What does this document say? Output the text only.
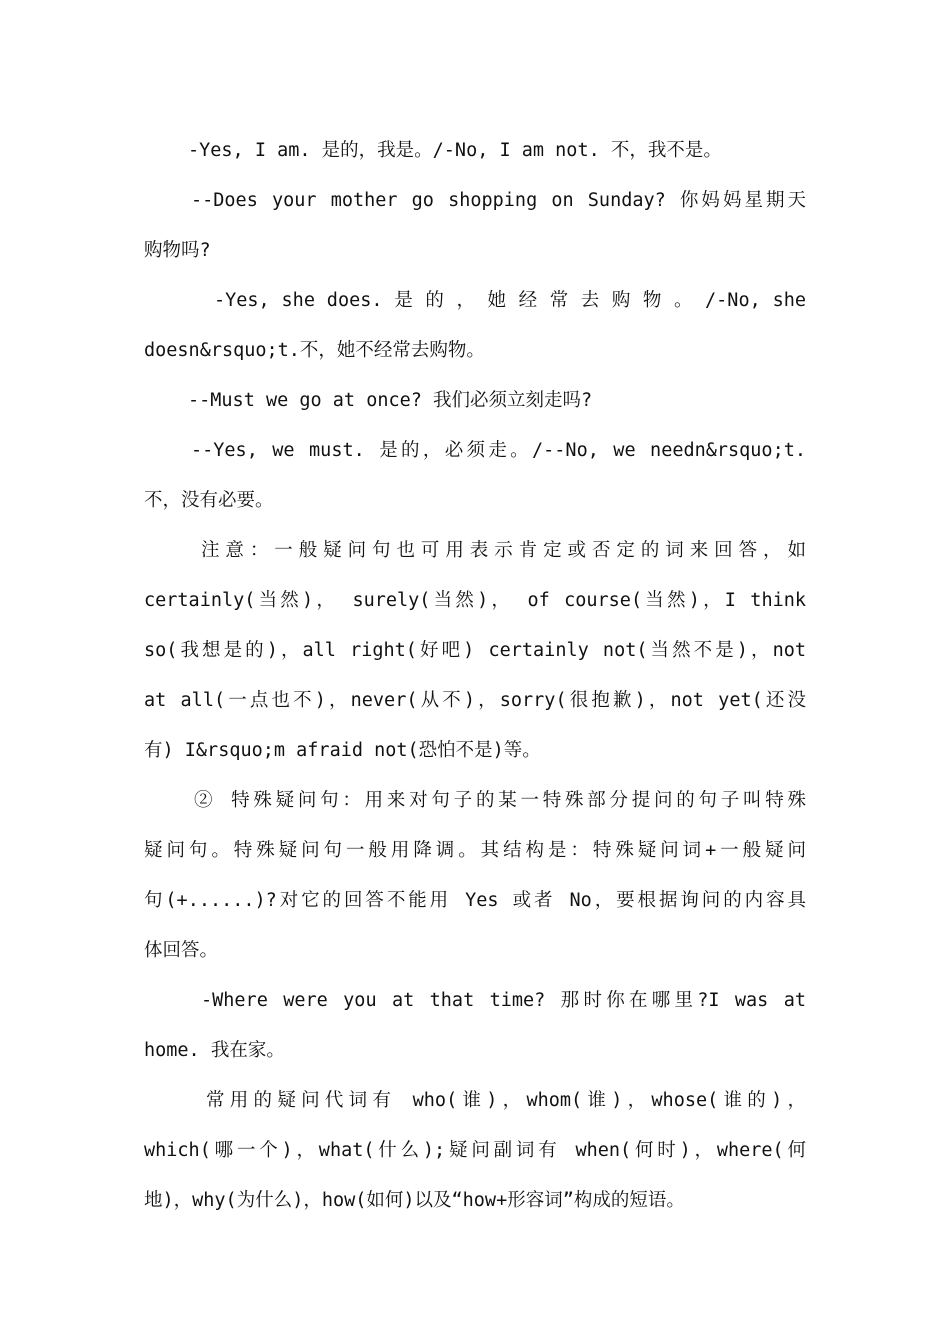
-Yes, I am. 是的，我是。/-No, I am not. 不，我不是。
--Does your mother go shopping on Sunday? 你妈妈星期天
购物吗?
-Yes, she does. 是 的 ， 她 经 常 去 购 物 。 /-No, she
doesn&rsquo;t.不，她不经常去购物。
--Must we go at once? 我们必须立刻走吗?
--Yes, we must. 是的，必须走。/--No, we needn&rsquo;t.
不，没有必要。
注意：一般疑问句也可用表示肯定或否定的词来回答，如
certainly(当然)， surely(当然)， of course(当然)，I think
so(我想是的)，all right(好吧) certainly not(当然不是)，not
at all(一点也不)，never(从不)，sorry(很抱歉)，not yet(还没
有) I&rsquo;m afraid not(恐怕不是)等。
② 特殊疑问句：用来对句子的某一特殊部分提问的句子叫特殊
疑问句。特殊疑问句一般用降调。其结构是：特殊疑问词+一般疑问
句(+......)?对它的回答不能用 Yes 或者 No，要根据询问的内容具
体回答。
-Where were you at that time? 那时你在哪里?I was at
home. 我在家。
常用的疑问代词有 who(谁)，whom(谁)，whose(谁的)，
which(哪一个)，what(什么);疑问副词有 when(何时)，where(何
地)，why(为什么)，how(如何)以及“how+形容词”构成的短语。
